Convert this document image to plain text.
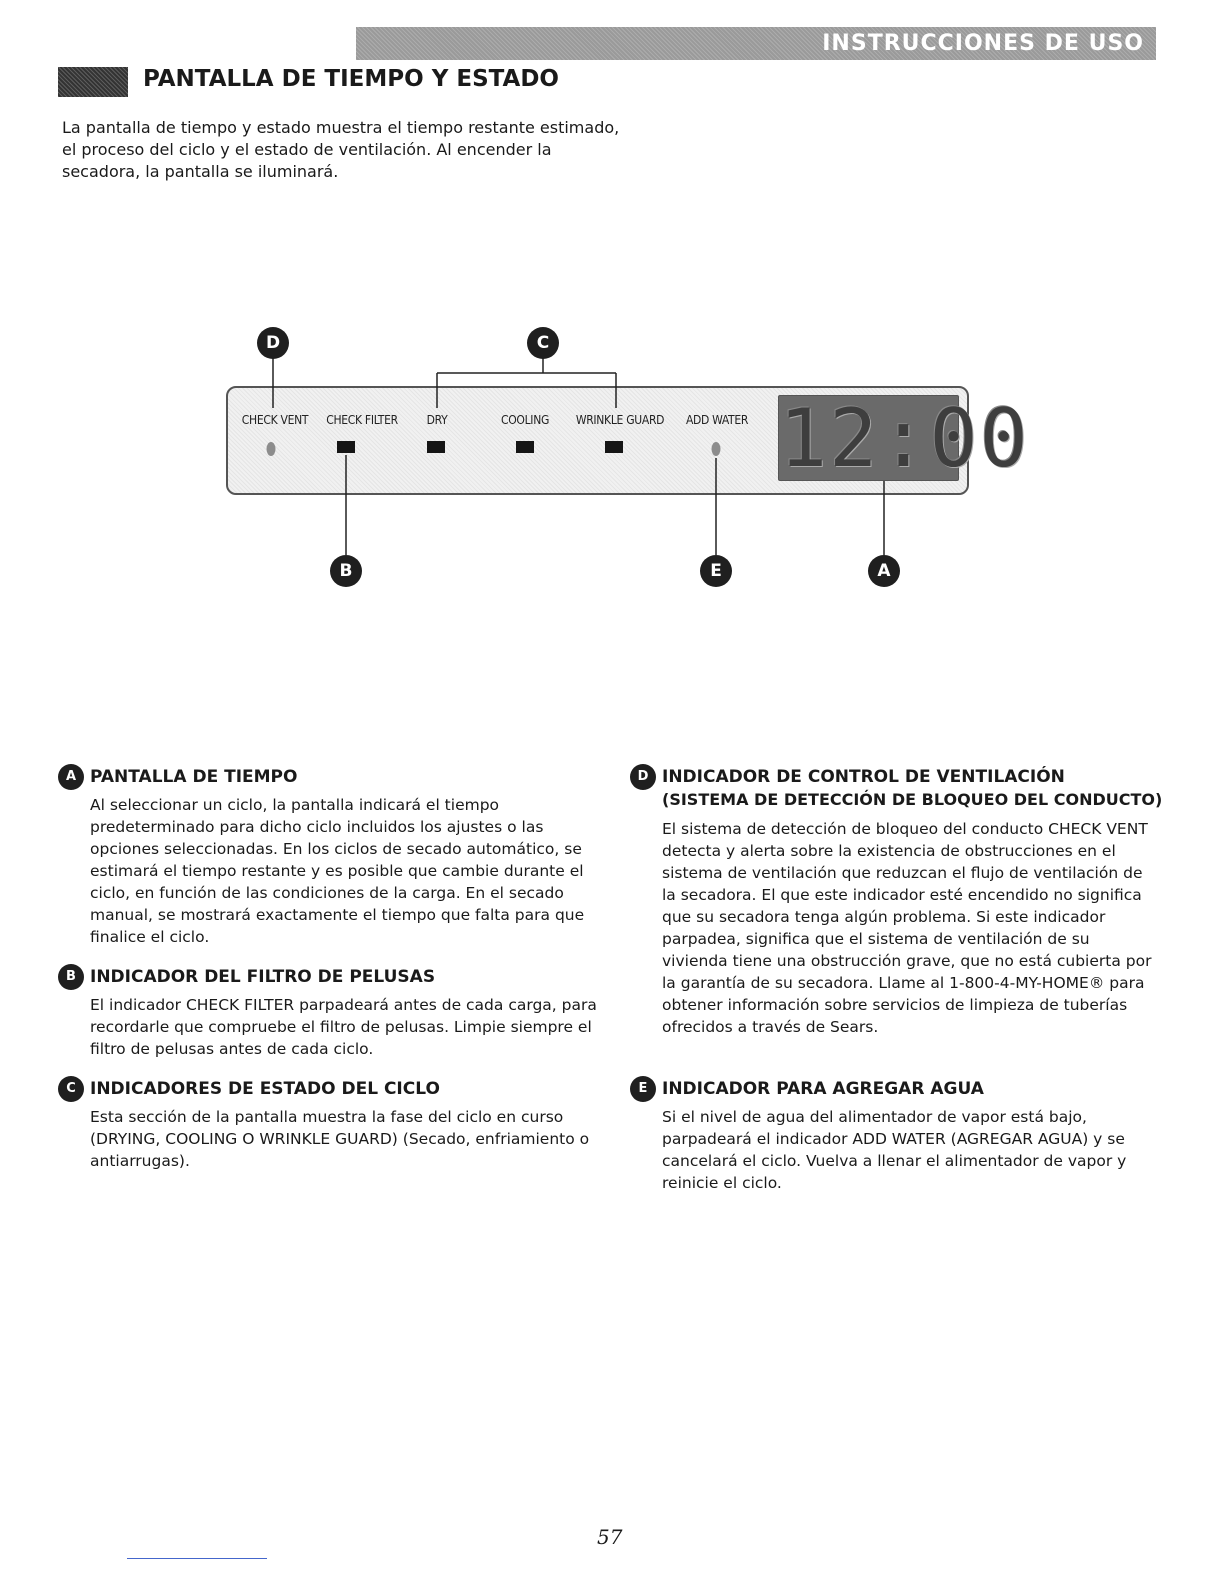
INSTRUCCIONES DE USO
PANTALLA DE TIEMPO Y ESTADO

La pantalla de tiempo y estado muestra el tiempo restante estimado, el proceso del ciclo y el estado de ventilación. Al encender la secadora, la pantalla se iluminará.

CHECK VENT CHECK FILTER DRY	COOLING WRINKLE GUARD ADD WATER 12:00
D	C
B	E	A
A PANTALLA DE TIEMPO

Al seleccionar un ciclo, la pantalla indicará el tiempo predeterminado para dicho ciclo incluidos los ajustes o las opciones seleccionadas. En los ciclos de secado automático, se estimará el tiempo restante y es posible que cambie durante el ciclo, en función de las condiciones de la carga. En el secado manual, se mostrará exactamente el tiempo que falta para que finalice el ciclo.

B INDICADOR DEL FILTRO DE PELUSAS

El indicador CHECK FILTER parpadeará antes de cada carga, para recordarle que compruebe el filtro de pelusas. Limpie siempre el filtro de pelusas antes de cada ciclo.

C INDICADORES DE ESTADO DEL CICLO

Esta sección de la pantalla muestra la fase del ciclo en curso (DRYING, COOLING O WRINKLE GUARD) (Secado, enfriamiento o antiarrugas).

D INDICADOR DE CONTROL DE VENTILACIÓN
(SISTEMA DE DETECCIÓN DE BLOQUEO DEL CONDUCTO)

El sistema de detección de bloqueo del conducto CHECK VENT detecta y alerta sobre la existencia de obstrucciones en el sistema de ventilación que reduzcan el flujo de ventilación de la secadora. El que este indicador esté encendido no significa que su secadora tenga algún problema. Si este indicador parpadea, significa que el sistema de ventilación de su vivienda tiene una obstrucción grave, que no está cubierta por la garantía de su secadora. Llame al 1-800-4-MY-HOME® para obtener información sobre servicios de limpieza de tuberías ofrecidos a través de Sears.

E INDICADOR PARA AGREGAR AGUA

Si el nivel de agua del alimentador de vapor está bajo, parpadeará el indicador ADD WATER (AGREGAR AGUA) y se cancelará el ciclo. Vuelva a llenar el alimentador de vapor y reinicie el ciclo.

57
